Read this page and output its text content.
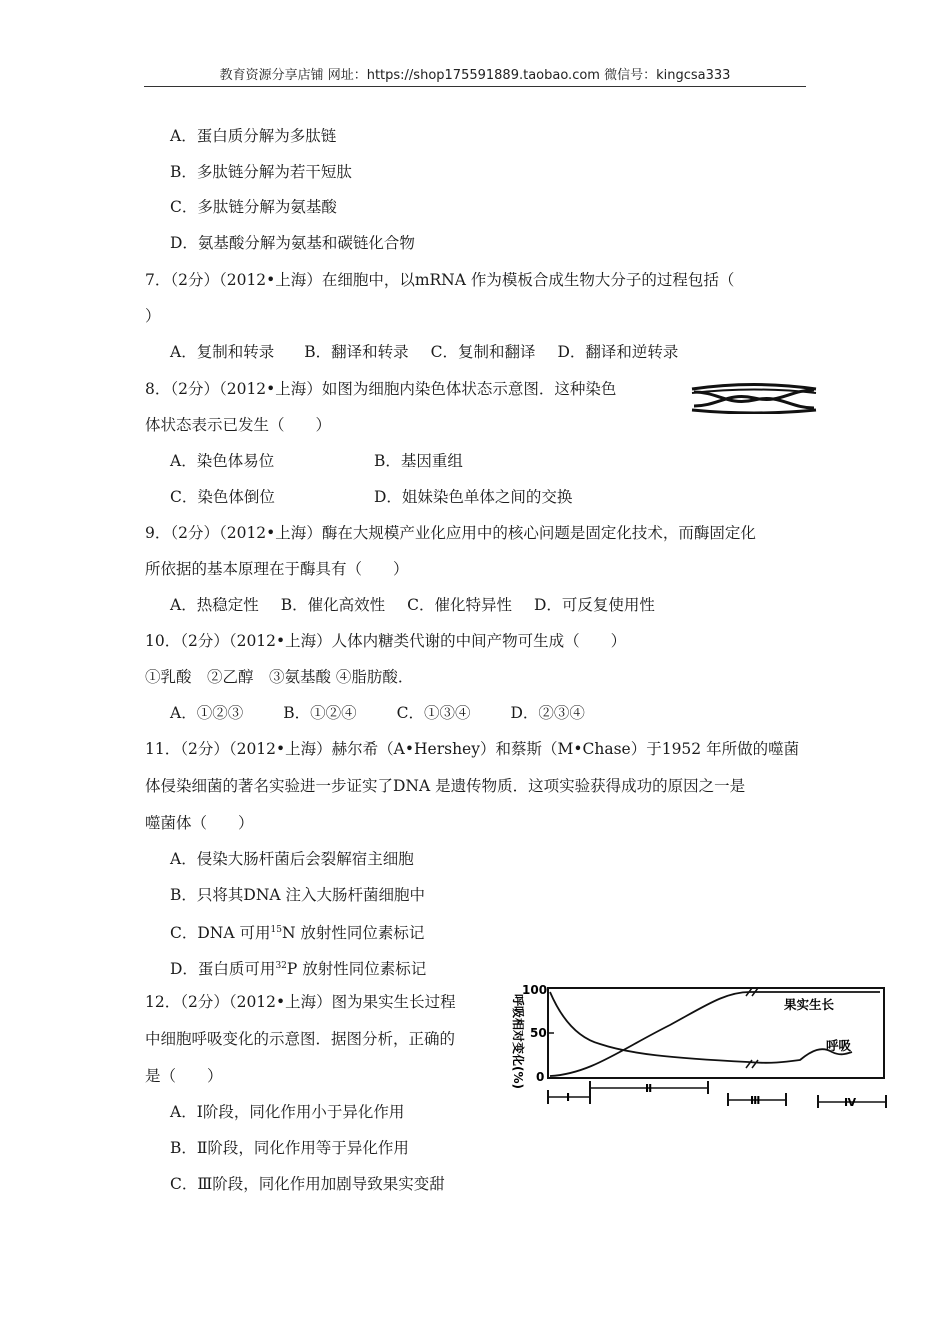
教育资源分享店铺 网址：https://shop175591889.taobao.com 微信号：kingcsa333
A．蛋白质分解为多肽链
B．多肽链分解为若干短肽
C．多肽链分解为氨基酸
D．氨基酸分解为氨基和碳链化合物
7．（2分）（2012•上海）在细胞中，以mRNA 作为模板合成生物大分子的过程包括（
）
A．复制和转录 B．翻译和转录 C．复制和翻译 D．翻译和逆转录
8．（2分）（2012•上海）如图为细胞内染色体状态示意图．这种染色
体状态表示已发生（　　）
A．染色体易位	B．基因重组
C．染色体倒位	D．姐妹染色单体之间的交换
9．（2分）（2012•上海）酶在大规模产业化应用中的核心问题是固定化技术，而酶固定化
所依据的基本原理在于酶具有（　　）
A．热稳定性 B．催化高效性 C．催化特异性 D．可反复使用性
10．（2分）（2012•上海）人体内糖类代谢的中间产物可生成（　　）
①乳酸　②乙醇　③氨基酸 ④脂肪酸．
A．①②③	B．①②④	C．①③④	D．②③④
11．（2分）（2012•上海）赫尔希（A•Hershey）和蔡斯（M•Chase）于1952 年所做的噬菌
体侵染细菌的著名实验进一步证实了DNA 是遗传物质．这项实验获得成功的原因之一是
噬菌体（　　）
A．侵染大肠杆菌后会裂解宿主细胞
B．只将其DNA 注入大肠杆菌细胞中
C．DNA 可用$^{15}$N 放射性同位素标记
D．蛋白质可用$^{32}$P 放射性同位素标记
12．（2分）（2012•上海）图为果实生长过程
中细胞呼吸变化的示意图．据图分析，正确的
是（　　）
A．Ⅰ阶段，同化作用小于异化作用
B．Ⅱ阶段，同化作用等于异化作用
C．Ⅲ阶段，同化作用加剧导致果实变甜
呼吸相对变化(%)
100
50
0
果实生长
呼吸
Ⅰ
Ⅱ
Ⅲ	Ⅳ
